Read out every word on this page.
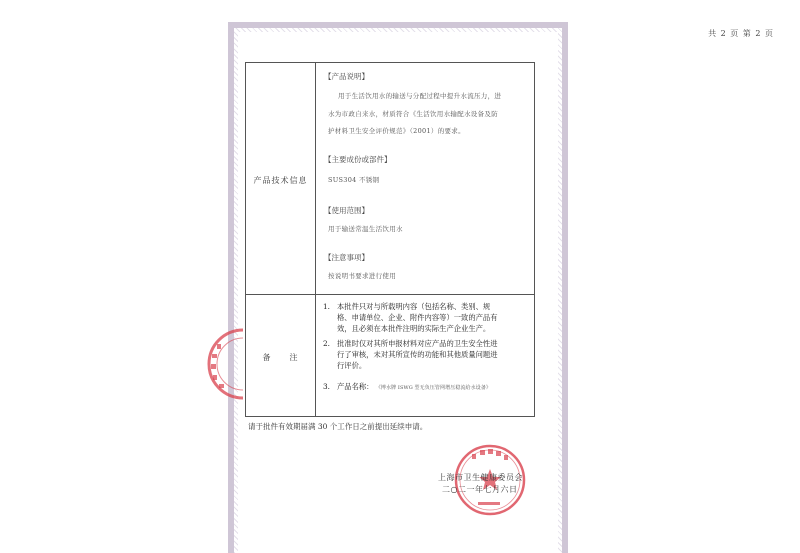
共 2 页 第 2 页
产品技术信息
备　　注
【产品说明】
用于生活饮用水的输送与分配过程中提升水流压力，进
水为市政自来水，材质符合《生活饮用水输配水设备及防
护材料卫生安全评价规范》（2001）的要求。
【主要成份或部件】
SUS304 不锈钢
【使用范围】
用于输送常温生活饮用水
【注意事项】
按说明书要求进行使用
1. 本批件只对与所载明内容（包括名称、类别、规
格、申请单位、企业、附件内容等）一致的产品有
效，且必须在本批件注明的实际生产企业生产。
2. 批准时仅对其所申报材料对应产品的卫生安全性进
行了审核，未对其所宣传的功能和其他质量问题进
行评价。
3. 产品名称： 《博水牌 ISWG 型无负压管网增压稳流给水设备》
请于批件有效期届满 30 个工作日之前提出延续申请。
上海市卫生健康委员会
二○二一年七月六日
